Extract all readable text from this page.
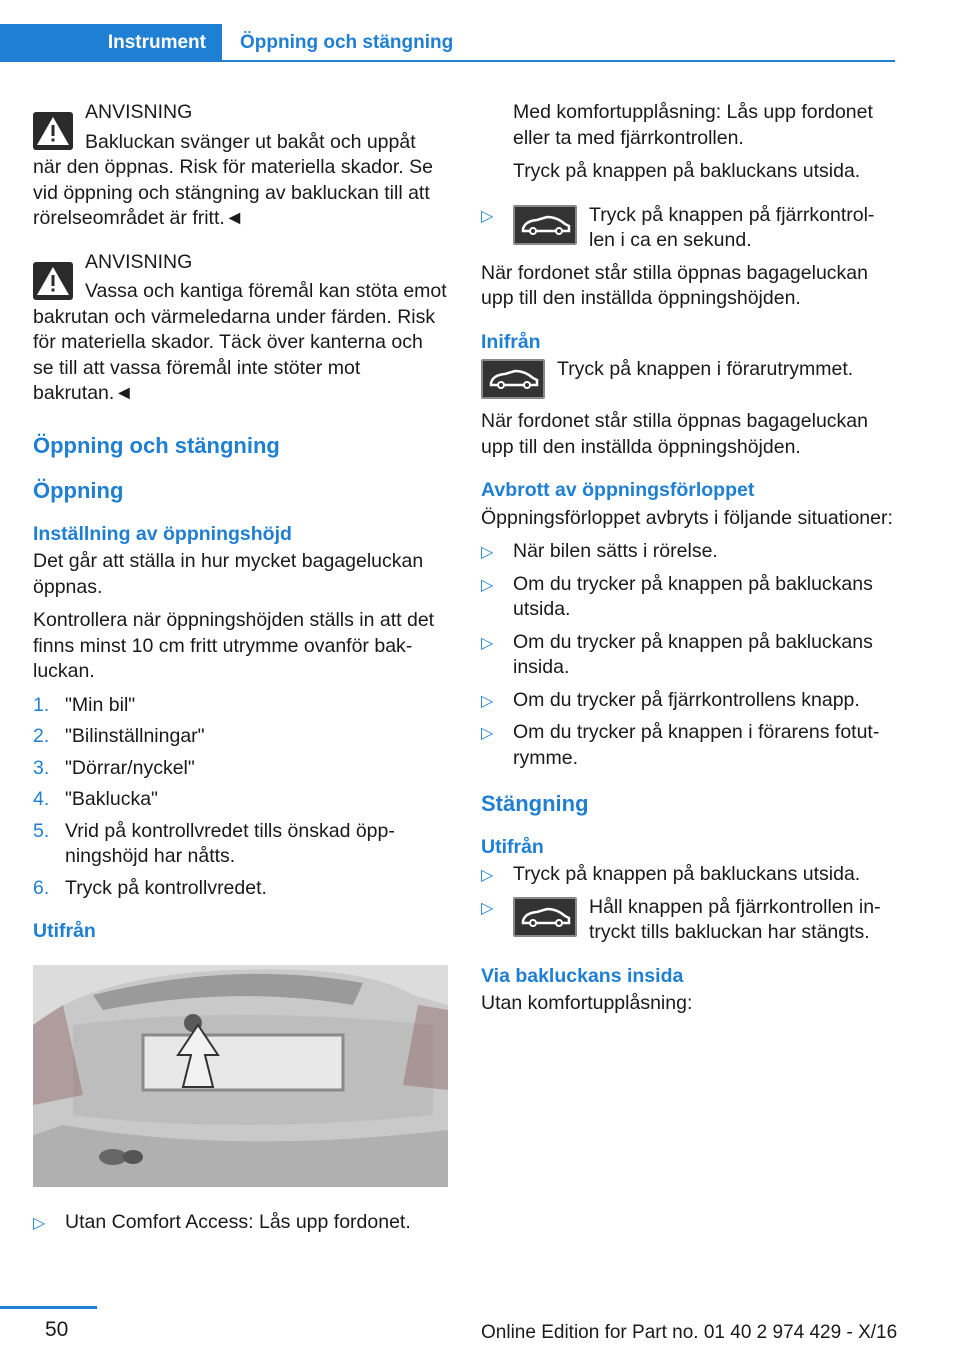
Instrument	Öppning och stängning

ANVISNING

Bakluckan svänger ut bakåt och uppåt när den öppnas. Risk för materiella skador. Se vid öppning och stängning av bakluckan till att rörelseområdet är fritt.◄

ANVISNING

Vassa och kantiga föremål kan stöta emot bakrutan och värmeledarna under färden. Risk för materiella skador. Täck över kanterna och se till att vassa föremål inte stöter mot bakrutan.◄

Öppning och stängning
Öppning
Inställning av öppningshöjd

Det går att ställa in hur mycket bagageluckan öppnas.

Kontrollera när öppningshöjden ställs in att det finns minst 10 cm fritt utrymme ovanför bakluckan.

1. "Min bil"
2. "Bilinställningar"
3. "Dörrar/nyckel"
4. "Baklucka"
5. Vrid på kontrollvredet tills önskad öppningshöjd har nåtts.
6. Tryck på kontrollvredet.
Utifrån
▷ Utan Comfort Access: Lås upp fordonet.

Med komfortupplåsning: Lås upp fordonet eller ta med fjärrkontrollen.

Tryck på knappen på bakluckans utsida.

▷	Tryck på knappen på fjärrkontrollen i ca en sekund.

När fordonet står stilla öppnas bagageluckan upp till den inställda öppningshöjden.

Inifrån
Tryck på knappen i förarutrymmet.

När fordonet står stilla öppnas bagageluckan upp till den inställda öppningshöjden.

Avbrott av öppningsförloppet

Öppningsförloppet avbryts i följande situationer:

▷ När bilen sätts i rörelse.
▷ Om du trycker på knappen på bakluckans utsida.
▷ Om du trycker på knappen på bakluckans insida.
▷ Om du trycker på fjärrkontrollens knapp.
▷ Om du trycker på knappen i förarens fotutrymme.
Stängning
Utifrån
▷ Tryck på knappen på bakluckans utsida.
▷	Håll knappen på fjärrkontrollen intryckt tills bakluckan har stängts.
Via bakluckans insida

Utan komfortupplåsning:

50	Online Edition for Part no. 01 40 2 974 429 - X/16
